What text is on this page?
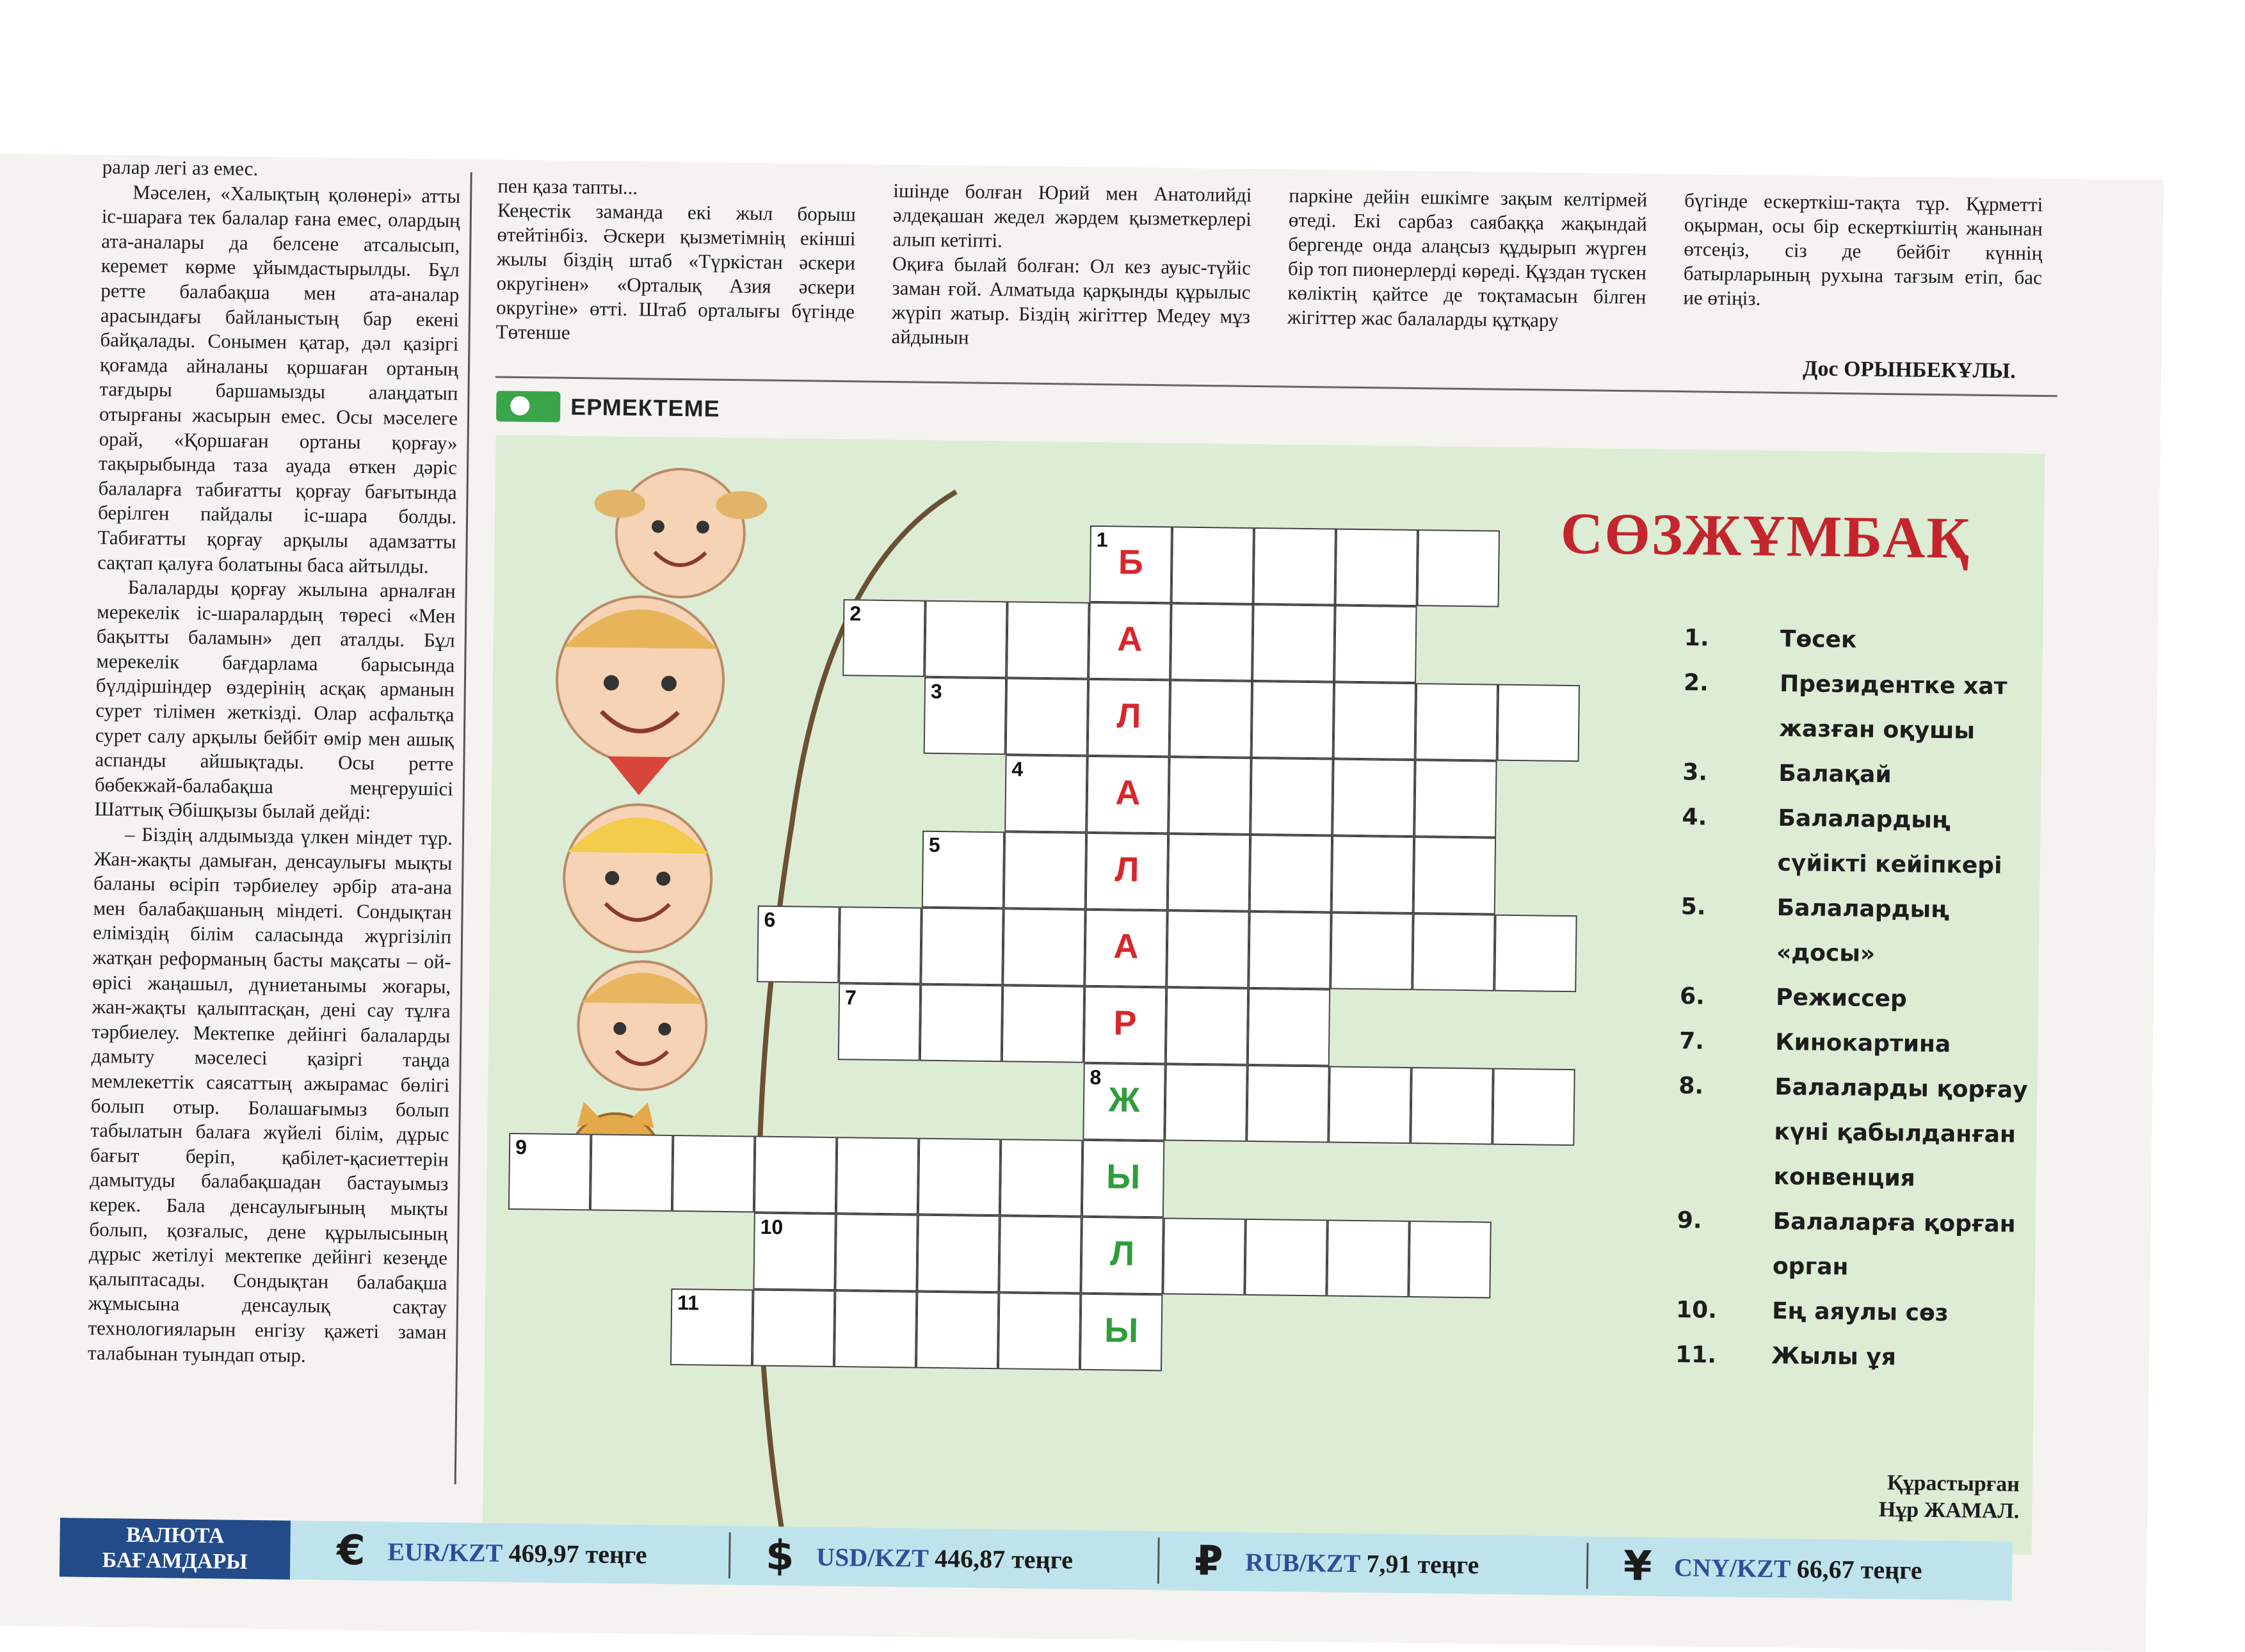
ралар легі аз емес.

Мәселен, «Халықтың қолөнері» атты іс-шараға тек балалар ғана емес, олардың ата-аналары да белсене атсалысып, керемет көрме ұйымдастырылды. Бұл ретте балабақша мен ата-аналар арасындағы байланыстың бар екені байқалады. Сонымен қатар, дәл қазіргі қоғамда айналаны қоршаған ортаның тағдыры баршамызды алаңдатып отырғаны жасырын емес. Осы мәселеге орай, «Қоршаған ортаны қорғау» тақырыбында таза ауада өткен дәріс балаларға табиғатты қорғау бағытында берілген пайдалы іс-шара болды. Табиғатты қорғау арқылы адамзатты сақтап қалуға болатыны баса айтылды.

Балаларды қорғау жылына арналған мерекелік іс-шаралардың төресі «Мен бақытты баламын» деп аталды. Бұл мерекелік бағдарлама барысында бүлдіршіндер өздерінің асқақ арманын сурет тілімен жеткізді. Олар асфальтқа сурет салу арқылы бейбіт өмір мен ашық аспанды айшықтады. Осы ретте бөбекжай-балабақша меңгерушісі Шаттық Әбішқызы былай дейді:

– Біздің алдымызда үлкен міндет тұр. Жан-жақты дамыған, денсаулығы мықты баланы өсіріп тәрбиелеу әрбір ата-ана мен балабақшаның міндеті. Сондықтан еліміздің білім саласында жүргізіліп жатқан реформаның басты мақсаты – ой-өрісі жаңашыл, дүниетанымы жоғары, жан-жақты қалыптасқан, дені сау тұлға тәрбиелеу. Мектепке дейінгі балаларды дамыту мәселесі қазіргі таңда мемлекеттік саясаттың ажырамас бөлігі болып отыр. Болашағымыз болып табылатын балаға жүйелі білім, дұрыс бағыт беріп, қабілет-қасиеттерін дамытуды балабақшадан бастауымыз керек. Бала денсаулығының мықты болып, қозғалыс, дене құрылысының дұрыс жетілуі мектепке дейінгі кезеңде қалыптасады. Сондықтан балабақша жұмысына денсаулық сақтау технологияларын енгізу қажеті заман талабынан туындап отыр.

пен қаза тапты...
Кеңестік заманда екі жыл борыш өтейтінбіз. Әскери қызметімнің екінші жылы біздің штаб «Түркістан әскери округінен» «Орталық Азия әскери округіне» өтті. Штаб орталығы бүгінде Төтенше
ішінде болған Юрий мен Анатолийді әлдеқашан жедел жәрдем қызметкерлері алып кетіпті.
Оқиға былай болған: Ол кез ауыс-түйіс заман ғой. Алматыда қарқынды құрылыс жүріп жатыр. Біздің жігіттер Медеу мұз айдынын
паркіне дейін ешкімге зақым келтірмей өтеді. Екі сарбаз саябаққа жақындай бергенде онда алаңсыз құдырып жүрген бір топ пионерлерді көреді. Құздан түскен көліктің қайтсе де тоқтамасын білген жігіттер жас балаларды құтқару
бүгінде ескерткіш-тақта тұр. Құрметті оқырман, осы бір ескерткіштің жанынан өтсеңіз, сіз де бейбіт күннің батырларының рухына тағзым етіп, бас ие өтіңіз.
Дос ОРЫНБЕКҰЛЫ.
ЕРМЕКТЕМЕ
СӨЗЖҰМБАҚ
1
Б
2
А
3
Л
4
А
5
Л
6
А
7
Р
8
Ж
9
Ы
10
Л
11
Ы
1.	Төсек
2.	Президентке хат жазған оқушы
3.	Балақай
4.	Балалардың сүйікті кейіпкері
5.	Балалардың «досы»
6.	Режиссер
7.	Кинокартина
8.	Балаларды қорғау күні қабылданған конвенция
9.	Балаларға қорған орган
10.	Ең аяулы сөз
11.	Жылы ұя
Құрастырған
Нұр ЖАМАЛ.
ВАЛЮТА
БАҒАМДАРЫ	€ EUR/KZT 469,97 теңге	$ USD/KZT 446,87 теңге	₽ RUB/KZT 7,91 теңге	¥ CNY/KZT 66,67 теңге
